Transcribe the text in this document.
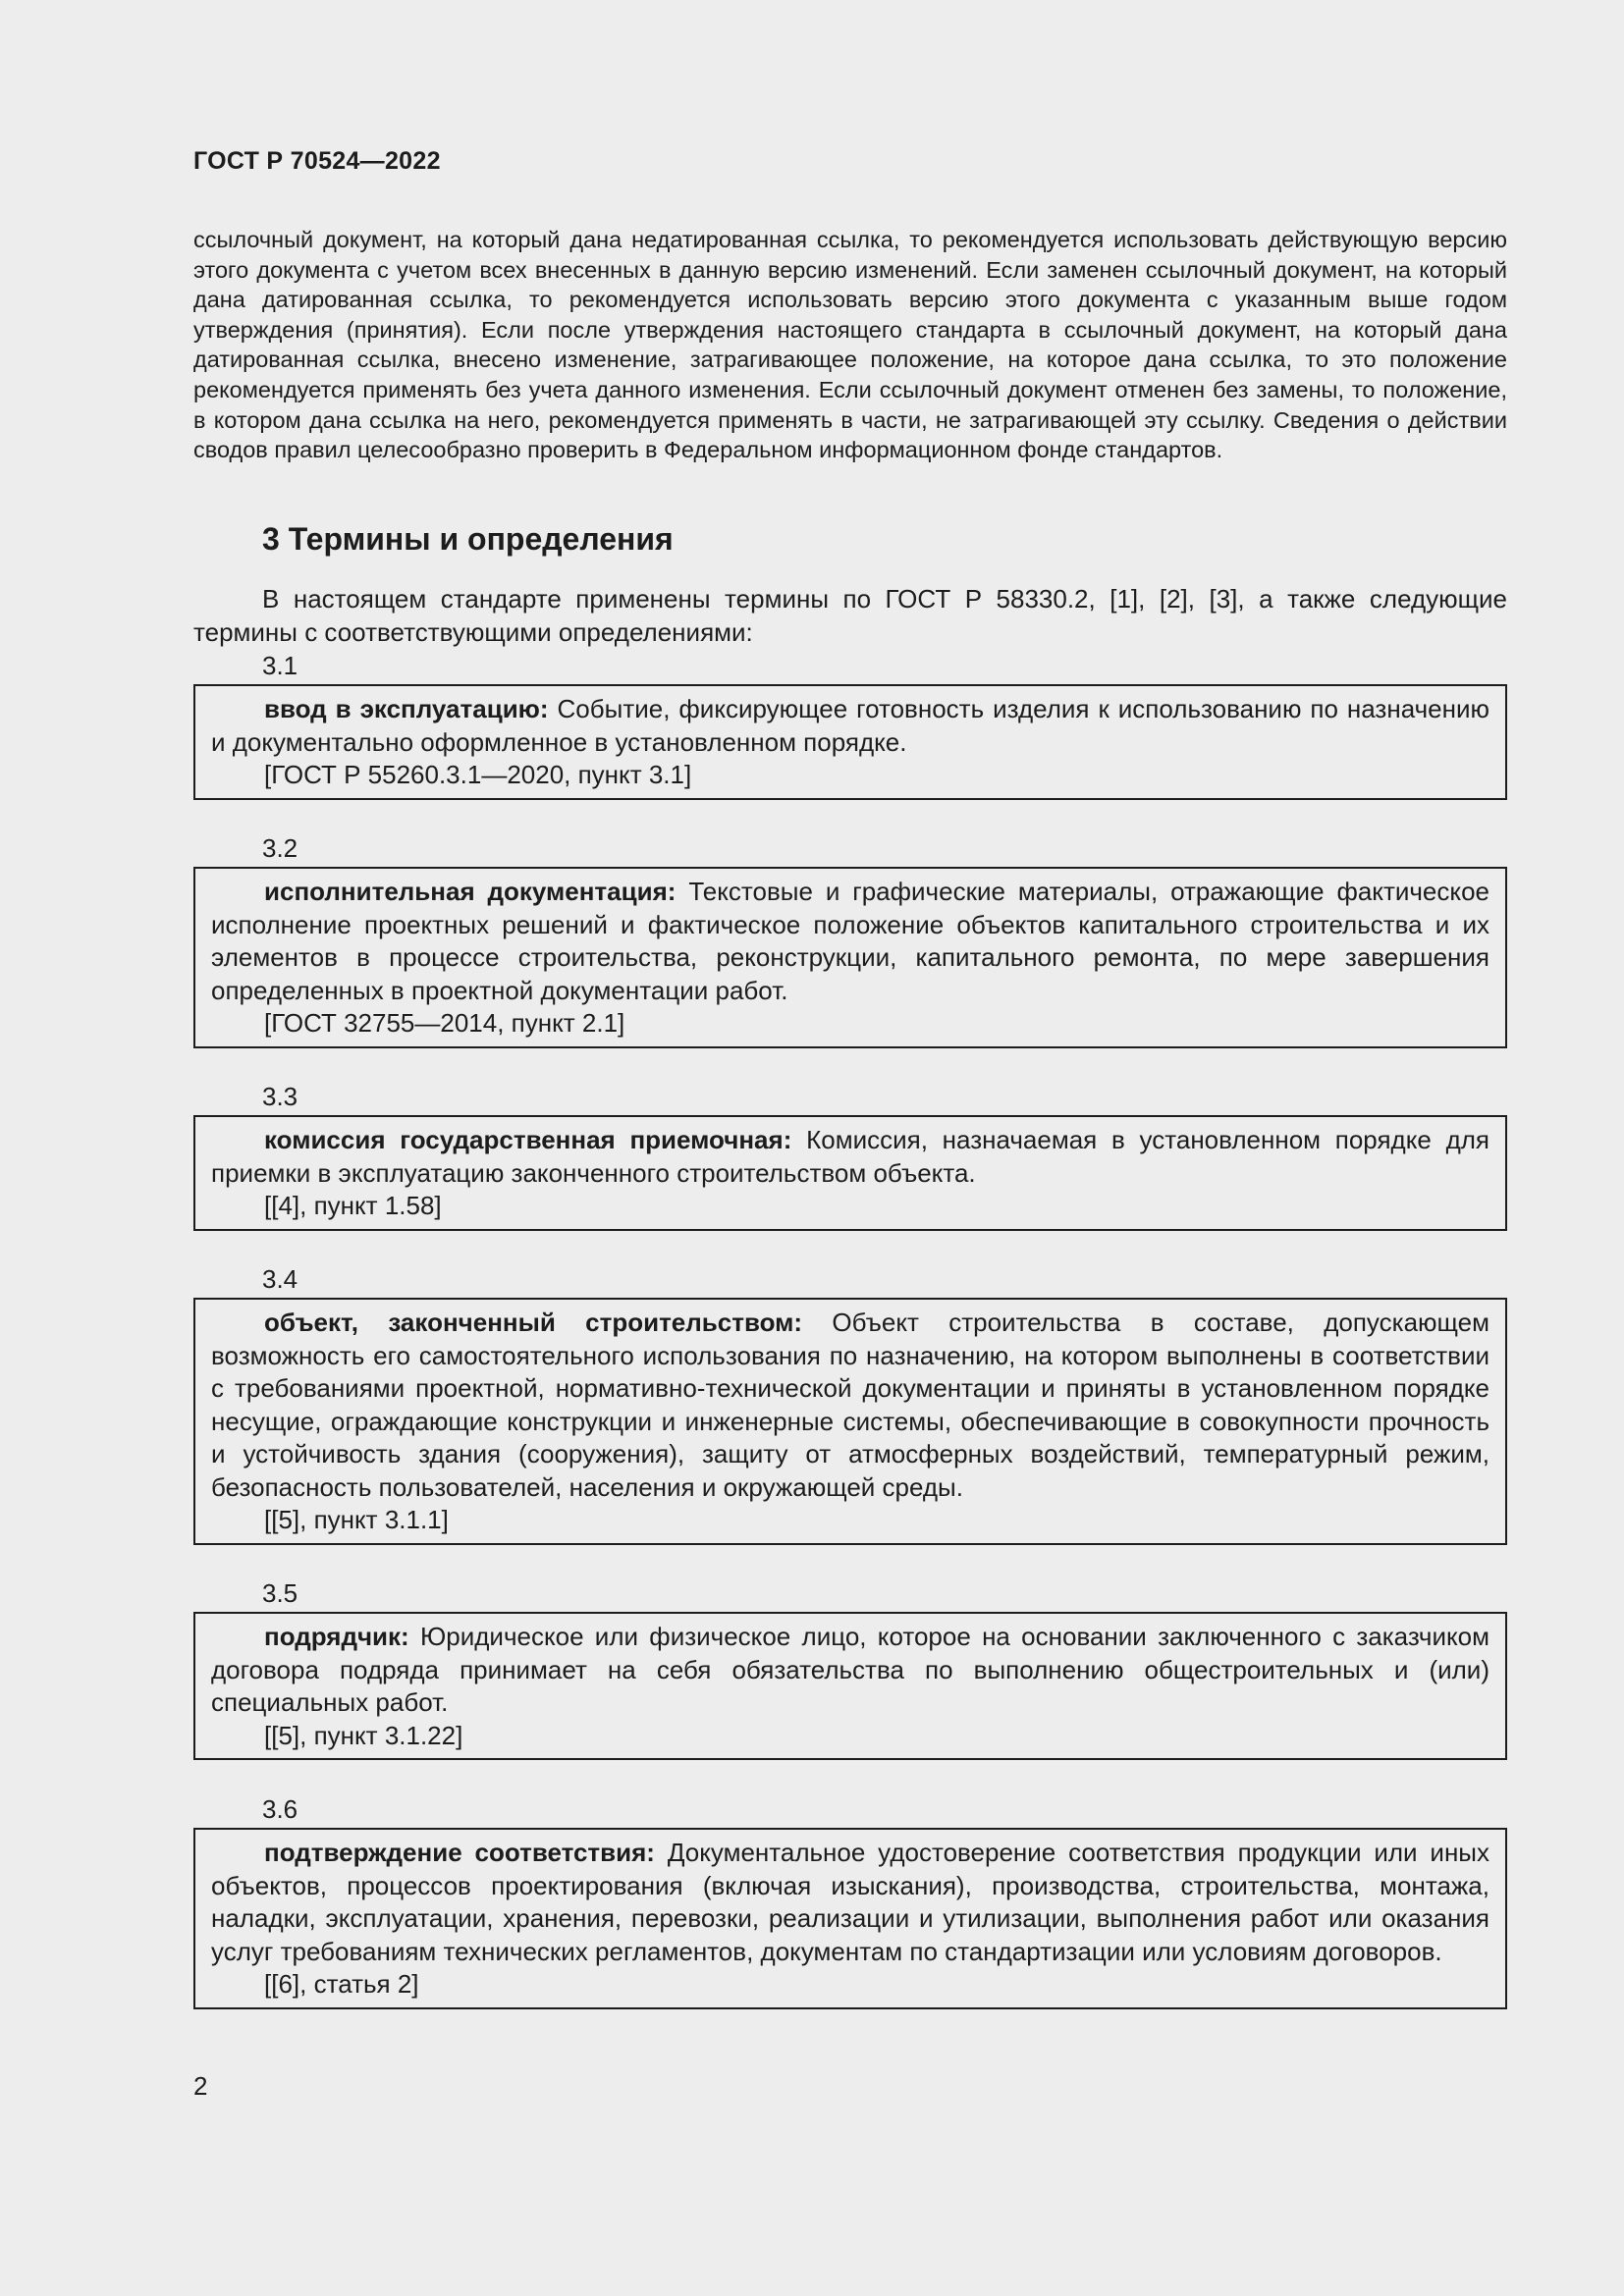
ГОСТ Р 70524—2022

ссылочный документ, на который дана недатированная ссылка, то рекомендуется использовать действующую версию этого документа с учетом всех внесенных в данную версию изменений. Если заменен ссылочный документ, на который дана датированная ссылка, то рекомендуется использовать версию этого документа с указанным выше годом утверждения (принятия). Если после утверждения настоящего стандарта в ссылочный документ, на который дана датированная ссылка, внесено изменение, затрагивающее положение, на которое дана ссылка, то это положение рекомендуется применять без учета данного изменения. Если ссылочный документ отменен без замены, то положение, в котором дана ссылка на него, рекомендуется применять в части, не затрагивающей эту ссылку. Сведения о действии сводов правил целесообразно проверить в Федеральном информационном фонде стандартов.

3 Термины и определения

В настоящем стандарте применены термины по ГОСТ Р 58330.2, [1], [2], [3], а также следующие термины с соответствующими определениями:

3.1
ввод в эксплуатацию: Событие, фиксирующее готовность изделия к использованию по назначению и документально оформленное в установленном порядке.
[ГОСТ Р 55260.3.1—2020, пункт 3.1]
3.2
исполнительная документация: Текстовые и графические материалы, отражающие фактическое исполнение проектных решений и фактическое положение объектов капитального строительства и их элементов в процессе строительства, реконструкции, капитального ремонта, по мере завершения определенных в проектной документации работ.
[ГОСТ 32755—2014, пункт 2.1]
3.3
комиссия государственная приемочная: Комиссия, назначаемая в установленном порядке для приемки в эксплуатацию законченного строительством объекта.
[[4], пункт 1.58]
3.4
объект, законченный строительством: Объект строительства в составе, допускающем возможность его самостоятельного использования по назначению, на котором выполнены в соответствии с требованиями проектной, нормативно-технической документации и приняты в установленном порядке несущие, ограждающие конструкции и инженерные системы, обеспечивающие в совокупности прочность и устойчивость здания (сооружения), защиту от атмосферных воздействий, температурный режим, безопасность пользователей, населения и окружающей среды.
[[5], пункт 3.1.1]
3.5
подрядчик: Юридическое или физическое лицо, которое на основании заключенного с заказчиком договора подряда принимает на себя обязательства по выполнению общестроительных и (или) специальных работ.
[[5], пункт 3.1.22]
3.6
подтверждение соответствия: Документальное удостоверение соответствия продукции или иных объектов, процессов проектирования (включая изыскания), производства, строительства, монтажа, наладки, эксплуатации, хранения, перевозки, реализации и утилизации, выполнения работ или оказания услуг требованиям технических регламентов, документам по стандартизации или условиям договоров.
[[6], статья 2]
2
